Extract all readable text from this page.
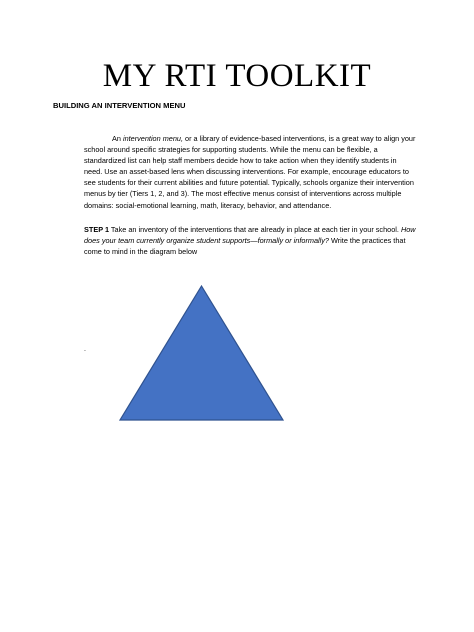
MY RTI TOOLKIT
BUILDING AN INTERVENTION MENU

An intervention menu, or a library of evidence-based interventions, is a great way to align your school around specific strategies for supporting students. While the menu can be flexible, a standardized list can help staff members decide how to take action when they identify students in need. Use an asset-based lens when discussing interventions. For example, encourage educators to see students for their current abilities and future potential. Typically, schools organize their intervention menus by tier (Tiers 1, 2, and 3). The most effective menus consist of interventions across multiple domains: social-emotional learning, math, literacy, behavior, and attendance.

STEP 1 Take an inventory of the interventions that are already in place at each tier in your school. How does your team currently organize student supports—formally or informally? Write the practices that come to mind in the diagram below

.
